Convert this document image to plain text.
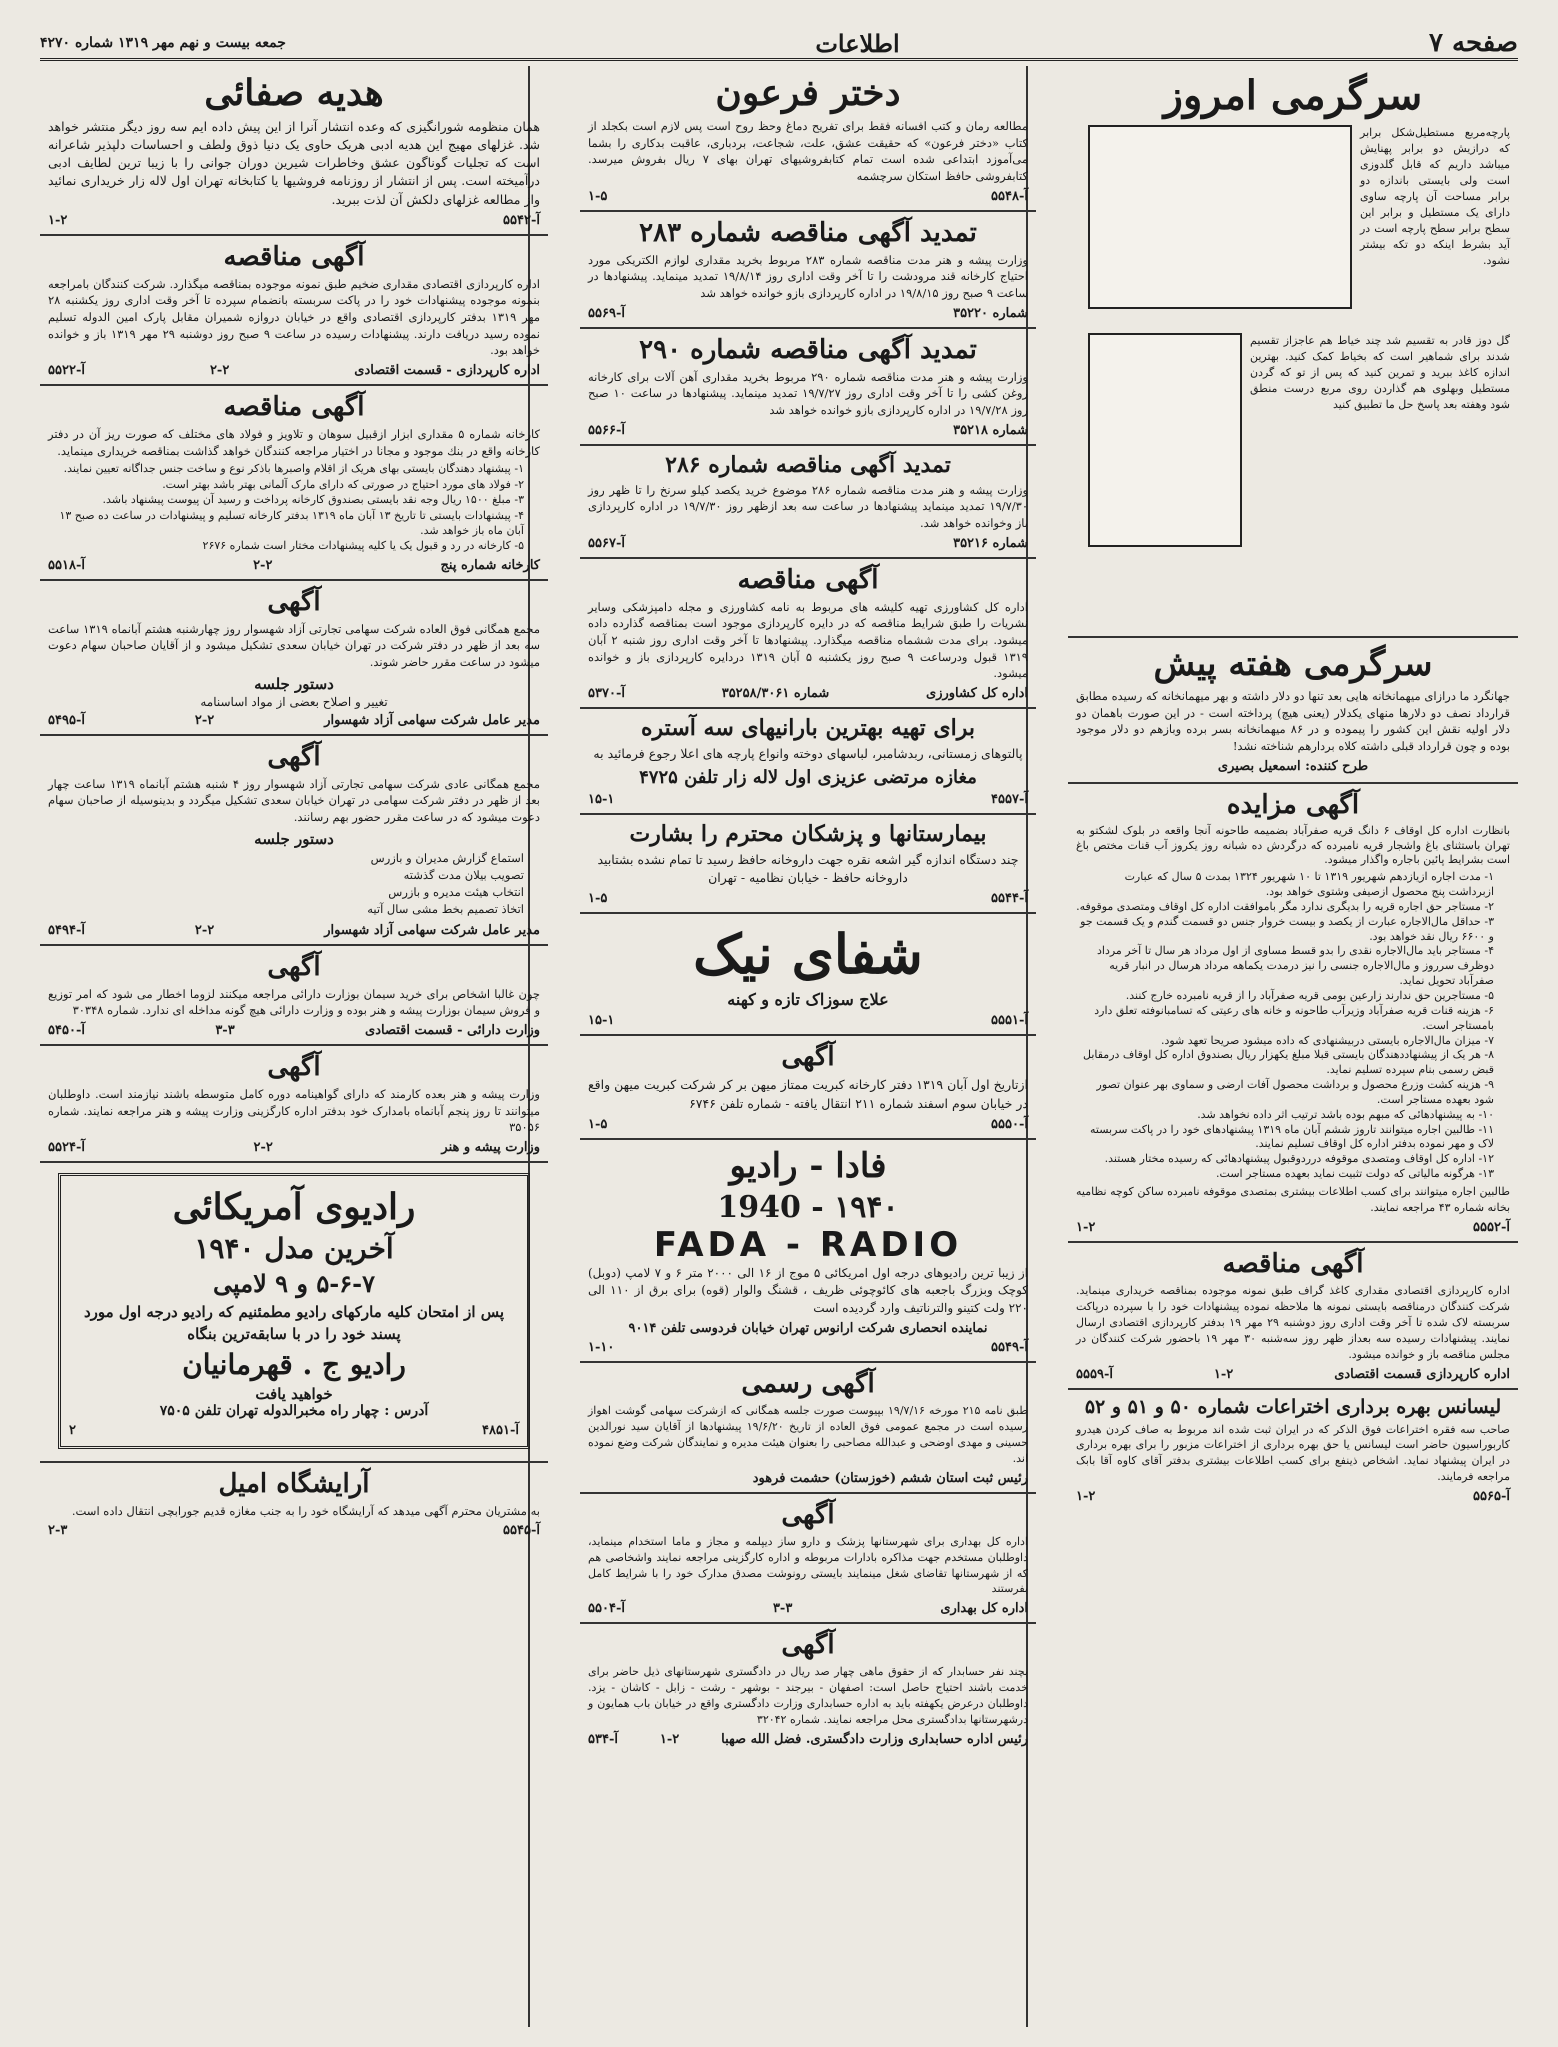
صفحه ۷
اطلاعات
جمعه بیست و نهم مهر ۱۳۱۹ شماره ۴۲۷۰
سرگرمی امروز
پارچه‌مربع مستطیل‌شکل برابر که درازیش دو برابر پهنایش میباشد داریم که قابل گلدوزی است ولی بایستی باندازه دو برابر مساحت آن پارچه ساوی دارای یک مستطیل و برابر این سطح برابر سطح پارچه است در آید بشرط اینکه دو تکه بیشتر نشود.
گل دوز قادر به تقسیم شد چند خیاط هم عاجزاز تقسیم شدند برای شماهیر است که بخیاط کمک کنید. بهترین اندازه کاغذ ببرید و تمرین کنید که پس از تو که گردن مستطیل وبهلوی هم گذاردن روی مربع درست منطق شود وهفته بعد پاسخ حل ما تطبیق کنید
سرگرمی هفته پیش
جهانگرد ما درازای میهمانخانه هایی بعد تنها دو دلار داشته و بهر میهمانخانه که رسیده مطابق قرارداد نصف دو دلارها منهای یکدلار (یعنی هیچ) پرداخته است - در این صورت باهمان دو دلار اولیه نقش این کشور را پیموده و در ۸۶ میهمانخانه بسر برده وبازهم دو دلار موجود بوده و چون قرارداد قبلی داشته کلاه بردارهم شناخته نشد!
طرح کننده: اسمعیل بصیری
آگهی مزایده
بانظارت اداره کل اوقاف ۶ دانگ قریه صفرآباد بضمیمه طاحونه آنجا واقعه در بلوک لشکتو به تهران باستثنای باغ واشجار قریه نامبرده که درگردش ده شبانه روز یکروز آب قنات مختص باغ است بشرایط پائین باجاره واگذار میشود.
۱- مدت اجاره ازیازدهم شهریور ۱۳۱۹ تا ۱۰ شهریور ۱۳۲۴ بمدت ۵ سال که عبارت ازبرداشت پنج محصول ازصیفی وشتوی خواهد بود.
۲- مستاجر حق اجاره قریه را بدیگری ندارد مگر باموافقت اداره کل اوقاف ومتصدی موقوفه.
۳- حداقل مال‌الاجاره عبارت از یکصد و بیست خروار جنس دو قسمت گندم و یک قسمت جو و ۶۶۰۰ ریال نقد خواهد بود.
۴- مستاجر باید مال‌الاجاره نقدی را بدو قسط مساوی از اول مرداد هر سال تا آخر مرداد دوظرف سرروز و مال‌الاجاره جنسی را نیز درمدت یکماهه مرداد هرسال در انبار قریه صفرآباد تحویل نماید.
۵- مستاجرین حق ندارند زارعین بومی قریه صفرآباد را از قریه نامبرده خارج کنند.
۶- هزینه قنات قریه صفرآباد وزیرآب طاحونه و خانه های رعیتی که تسامبانوفته تعلق دارد بامستاجر است.
۷- میزان مال‌الاجاره بایستی دربیشنهادی که داده میشود صریحا تعهد شود.
۸- هر یک از پیشنهاددهندگان بایستی قبلا مبلغ یکهزار ریال بصندوق اداره کل اوقاف درمقابل قبض رسمی بنام سپرده تسلیم نماید.
۹- هزینه کشت وزرع محصول و برداشت محصول آفات ارضی و سماوی بهر عنوان تصور شود بعهده مستاجر است.
۱۰- به پیشنهادهائی که مبهم بوده باشد ترتیب اثر داده نخواهد شد.
۱۱- طالبین اجاره میتوانند تاروز ششم آبان ماه ۱۳۱۹ پیشنهادهای خود را در پاکت سربسته لاک و مهر نموده بدفتر اداره کل اوقاف تسلیم نمایند.
۱۲- اداره کل اوقاف ومتصدی موقوفه درردوقبول پیشنهادهائی که رسیده مختار هستند.
۱۳- هرگونه مالیاتی که دولت تثبیت نماید بعهده مستاجر است.
طالبین اجاره میتوانند برای کسب اطلاعات بیشتری بمتصدی موقوفه نامبرده ساکن کوچه نظامیه بخانه شماره ۴۳ مراجعه نمایند.
آ-۵۵۵۲
۱-۲
آگهی مناقصه
اداره کارپردازی اقتصادی مقداری کاغذ گراف طبق نمونه موجوده بمناقصه خریداری مینماید. شرکت کنندگان درمناقصه بایستی نمونه ها ملاحظه نموده پیشنهادات خود را با سپرده درپاکت سربسته لاک شده تا آخر وقت اداری روز دوشنبه ۲۹ مهر ۱۹ بدفتر کارپردازی اقتصادی ارسال نمایند. پیشنهادات رسیده سه بعداز ظهر روز سه‌شنبه ۳۰ مهر ۱۹ باحضور شرکت کنندگان در مجلس مناقصه باز و خوانده میشود.
اداره کارپردازی قسمت اقتصادی
۱-۲
آ-۵۵۵۹
لیسانس بهره برداری اختراعات شماره ۵۰ و ۵۱ و ۵۲
صاحب سه فقره اختراعات فوق الذکر که در ایران ثبت شده اند مربوط به صاف کردن هیدرو کاربوراسیون حاضر است لیسانس یا حق بهره برداری از اختراعات مزبور را برای بهره برداری در ایران پیشنهاد نماید. اشخاص ذینفع برای کسب اطلاعات بیشتری بدفتر آقای کاوه آقا بابک مراجعه فرمایند.
آ-۵۵۶۵
۱-۲
دختر فرعون
مطالعه رمان و کتب افسانه فقط برای تفریح دماغ وحظ روح است پس لازم است بکجلد از کتاب «دختر فرعون» که حقیقت عشق، علت، شجاعت، بردباری، عاقبت بدکاری را بشما می‌آموزد ابتداعی شده است تمام کتابفروشیهای تهران بهای ۷ ریال بفروش میرسد. کتابفروشی حافظ استکان سرچشمه
آ-۵۵۴۸
۱-۵
تمدید آگهی مناقصه شماره ۲۸۳
وزارت پیشه و هنر مدت مناقصه شماره ۲۸۳ مربوط بخرید مقداری لوازم الکتریکی مورد احتیاج کارخانه قند مرودشت را تا آخر وقت اداری روز ۱۹/۸/۱۴ تمدید مینماید. پیشنهادها در ساعت ۹ صبح روز ۱۹/۸/۱۵ در اداره کارپردازی بازو خوانده خواهد شد
شماره ۳۵۲۲۰
آ-۵۵۶۹
تمدید آگهی مناقصه شماره ۲۹۰
وزارت پیشه و هنر مدت مناقصه شماره ۲۹۰ مربوط بخرید مقداری آهن آلات برای کارخانه روغن کشی را تا آخر وقت اداری روز ۱۹/۷/۲۷ تمدید مینماید. پیشنهادها در ساعت ۱۰ صبح روز ۱۹/۷/۲۸ در اداره کارپردازی بازو خوانده خواهد شد
شماره ۳۵۲۱۸
آ-۵۵۶۶
تمدید آگهی مناقصه شماره ۲۸۶
وزارت پیشه و هنر مدت مناقصه شماره ۲۸۶ موضوع خرید یکصد کیلو سرنخ را تا ظهر روز ۱۹/۷/۳۰ تمدید مینماید پیشنهادها در ساعت سه بعد ازظهر روز ۱۹/۷/۳۰ در اداره کارپردازی باز وخوانده خواهد شد.
شماره ۳۵۲۱۶
آ-۵۵۶۷
آگهی مناقصه
اداره کل کشاورزی تهیه کلیشه های مربوط به نامه کشاورزی و مجله دامپزشکی وسایر نشریات را طبق شرایط مناقصه که در دایره کارپردازی موجود است بمناقصه گذارده داده میشود. برای مدت ششماه مناقصه میگذارد. پیشنهادها تا آخر وقت اداری روز شنبه ۲ آبان ۱۳۱۹ قبول ودرساعت ۹ صبح روز یکشنبه ۵ آبان ۱۳۱۹ دردایره کارپردازی باز و خوانده میشود.
اداره کل کشاورزی
شماره ۳۵۲۵۸/۳۰۶۱
آ-۵۳۷۰
برای تهیه بهترین بارانیهای سه آستره
پالتوهای زمستانی، ربدشامبر، لباسهای دوخته وانواع پارچه های اعلا رجوع فرمائید به
مغازه مرتضی عزیزی اول لاله زار تلفن ۴۷۲۵
آ-۴۵۵۷
۱۵-۱
بیمارستانها و پزشکان محترم را بشارت
چند دستگاه اندازه گیر اشعه نقره جهت داروخانه حافظ رسید تا تمام نشده بشتابید داروخانه حافظ - خیابان نظامیه - تهران
آ-۵۵۴۴
۱-۵
شفای نیک
علاج سوزاک تازه و کهنه
آ-۵۵۵۱
۱۵-۱
آگهی
ازتاریخ اول آبان ۱۳۱۹ دفتر کارخانه کبریت ممتاز میهن بر کر شرکت کبریت میهن واقع در خیابان سوم اسفند شماره ۲۱۱ انتقال یافته - شماره تلفن ۶۷۴۶
آ-۵۵۵۰
۱-۵
فادا - رادیو
1940 - ۱۹۴۰
FADA - RADIO
از زیبا ترین رادیوهای درجه اول امریکائی ۵ موج از ۱۶ الی ۲۰۰۰ متر ۶ و ۷ لامپ (دوبل) کوچک وبزرگ باجعبه های کائوچوئی ظریف ، قشنگ والوار (قوه) برای برق از ۱۱۰ الی ۲۲۰ ولت کتینو والترناتیف وارد گردیده است
نماینده انحصاری شرکت ارانوس تهران خیابان فردوسی تلفن ۹۰۱۴
آ-۵۵۴۹
۱-۱۰
آگهی رسمی
طبق نامه ۲۱۵ مورخه ۱۹/۷/۱۶ بپیوست صورت جلسه همگانی که ازشرکت سهامی گوشت اهواز رسیده است در مجمع عمومی فوق العاده از تاریخ ۱۹/۶/۲۰ پیشنهادها از آقایان سید نورالدین حسینی و مهدی اوضحی و عبدالله مصاحبی را بعنوان هیئت مدیره و نمایندگان شرکت وضع نموده اند.
رئیس ثبت استان ششم (خوزستان) حشمت فرهود
آگهی
اداره کل بهداری برای شهرستانها پزشک و دارو ساز دیپلمه و مجاز و ماما استخدام مینماید، داوطلبان مستخدم جهت مذاکره بادارات مربوطه و اداره کارگزینی مراجعه نمایند واشخاصی هم که از شهرستانها تقاضای شغل مینمایند بایستی رونوشت مصدق مدارک خود را با شرایط کامل بفرستند
اداره کل بهداری
۳-۳
آ-۵۵۰۴
آگهی
بچند نفر حسابدار که از حقوق ماهی چهار صد ریال در دادگستری شهرستانهای ذیل حاضر برای خدمت باشند احتیاج حاصل است: اصفهان - بیرجند - بوشهر - رشت - زابل - کاشان - یزد. داوطلبان درعرض یکهفته باید به اداره حسابداری وزارت دادگستری واقع در خیابان باب همایون و درشهرستانها بدادگستری محل مراجعه نمایند. شماره ۳۲۰۴۲
رئیس اداره حسابداری وزارت دادگستری. فضل الله صهبا
۱-۲
آ-۵۳۴
هدیه صفائی
همان منظومه شورانگیزی که وعده انتشار آنرا از این پیش داده ایم سه روز دیگر منتشر خواهد شد. غزلهای مهیج این هدیه ادبی هریک حاوی یک دنیا ذوق ولطف و احساسات دلپذیر شاعرانه است که تجلیات گوناگون عشق وخاطرات شیرین دوران جوانی را با زیبا ترین لطایف ادبی درآمیخته است. پس از انتشار از روزنامه فروشیها یا کتابخانه تهران اول لاله زار خریداری نمائید واز مطالعه غزلهای دلکش آن لذت ببرید.
آ-۵۵۴۲
۱-۲
آگهی مناقصه
اداره کارپردازی اقتصادی مقداری ضخیم طبق نمونه موجوده بمناقصه میگذارد. شرکت کنندگان بامراجعه بنمونه موجوده پیشنهادات خود را در پاکت سربسته بانضمام سپرده تا آخر وقت اداری روز یکشنبه ۲۸ مهر ۱۳۱۹ بدفتر کارپردازی اقتصادی واقع در خیابان دروازه شمیران مقابل پارک امین الدوله تسلیم نموده رسید دریافت دارند. پیشنهادات رسیده در ساعت ۹ صبح روز دوشنبه ۲۹ مهر ۱۳۱۹ باز و خوانده خواهد بود.
اداره کارپردازی - قسمت اقتصادی
۲-۲
آ-۵۵۲۲
آگهی مناقصه
کارخانه شماره ۵ مقداری ابزار ازقبیل سوهان و تلاویز و فولاد های مختلف که صورت ریز آن در دفتر کارخانه واقع در بنك موجود و مجانا در اختیار مراجعه کنندگان خواهد گذاشت بمناقصه خریداری مینماید.
۱- پیشنهاد دهندگان بایستی بهای هریک از اقلام واصبرها باذکر نوع و ساخت جنس جداگانه تعیین نمایند.
۲- فولاد های مورد احتیاج در صورتی که دارای مارک آلمانی بهتر باشد بهتر است.
۳- مبلغ ۱۵۰۰ ریال وجه نقد بایستی بصندوق کارخانه پرداخت و رسید آن پیوست پیشنهاد باشد.
۴- پیشنهادات بایستی تا تاریخ ۱۳ آبان ماه ۱۳۱۹ بدفتر کارخانه تسلیم و پیشنهادات در ساعت ده صبح ۱۳ آبان ماه باز خواهد شد.
۵- کارخانه در رد و قبول یک یا کلیه پیشنهادات مختار است شماره ۲۶۷۶
کارخانه شماره پنج
۲-۲
آ-۵۵۱۸
آگهی
مجمع همگانی فوق العاده شرکت سهامی تجارتی آزاد شهسوار روز چهارشنبه هشتم آبانماه ۱۳۱۹ ساعت سه بعد از ظهر در دفتر شرکت در تهران خیابان سعدی تشکیل میشود و از آقایان صاحبان سهام دعوت میشود در ساعت مقرر حاضر شوند.
دستور جلسه
تغییر و اصلاح بعضی از مواد اساسنامه
مدیر عامل شرکت سهامی آزاد شهسوار
۲-۲
آ-۵۴۹۵
آگهی
مجمع همگانی عادی شرکت سهامی تجارتی آزاد شهسوار روز ۴ شنبه هشتم آبانماه ۱۳۱۹ ساعت چهار بعد از ظهر در دفتر شرکت سهامی در تهران خیابان سعدی تشکیل میگردد و بدینوسیله از صاحبان سهام دعوت میشود که در ساعت مقرر حضور بهم رسانند.
دستور جلسه
استماع گزارش مدیران و بازرس
تصویب بیلان مدت گذشته
انتخاب هیئت مدیره و بازرس
اتخاذ تصمیم بخط مشی سال آتیه
مدیر عامل شرکت سهامی آزاد شهسوار
۲-۲
آ-۵۴۹۴
آگهی
چون غالبا اشخاص برای خرید سیمان بوزارت دارائی مراجعه میکنند لزوما اخطار می شود که امر توزیع و فروش سیمان بوزارت پیشه و هنر بوده و وزارت دارائی هیچ گونه مداخله ای ندارد. شماره ۳۰۳۴۸
وزارت دارائی - قسمت اقتصادی
۳-۳
آ-۵۴۵۰
آگهی
وزارت پیشه و هنر بعده کارمند که دارای گواهینامه دوره کامل متوسطه باشند نیازمند است. داوطلبان میتوانند تا روز پنجم آبانماه بامدارک خود بدفتر اداره کارگزینی وزارت پیشه و هنر مراجعه نمایند. شماره ۳۵۰۵۶
وزارت پیشه و هنر
۲-۲
آ-۵۵۲۴
رادیوی آمریکائی
آخرین مدل ۱۹۴۰
۵-۶-۷ و ۹ لامپی
پس از امتحان کلیه مارکهای رادیو مطمئنیم که رادیو درجه اول مورد پسند خود را در با سابقه‌ترین بنگاه
رادیو ج . قهرمانیان
خواهید یافت
آدرس : چهار راه مخبرالدوله تهران تلفن ۷۵۰۵
آ-۴۸۵۱
۲
آرایشگاه امیل
به مشتریان محترم آگهی میدهد که آرایشگاه خود را به جنب مغازه قدیم جورابچی انتقال داده است.
آ-۵۵۴۵
۲-۳
